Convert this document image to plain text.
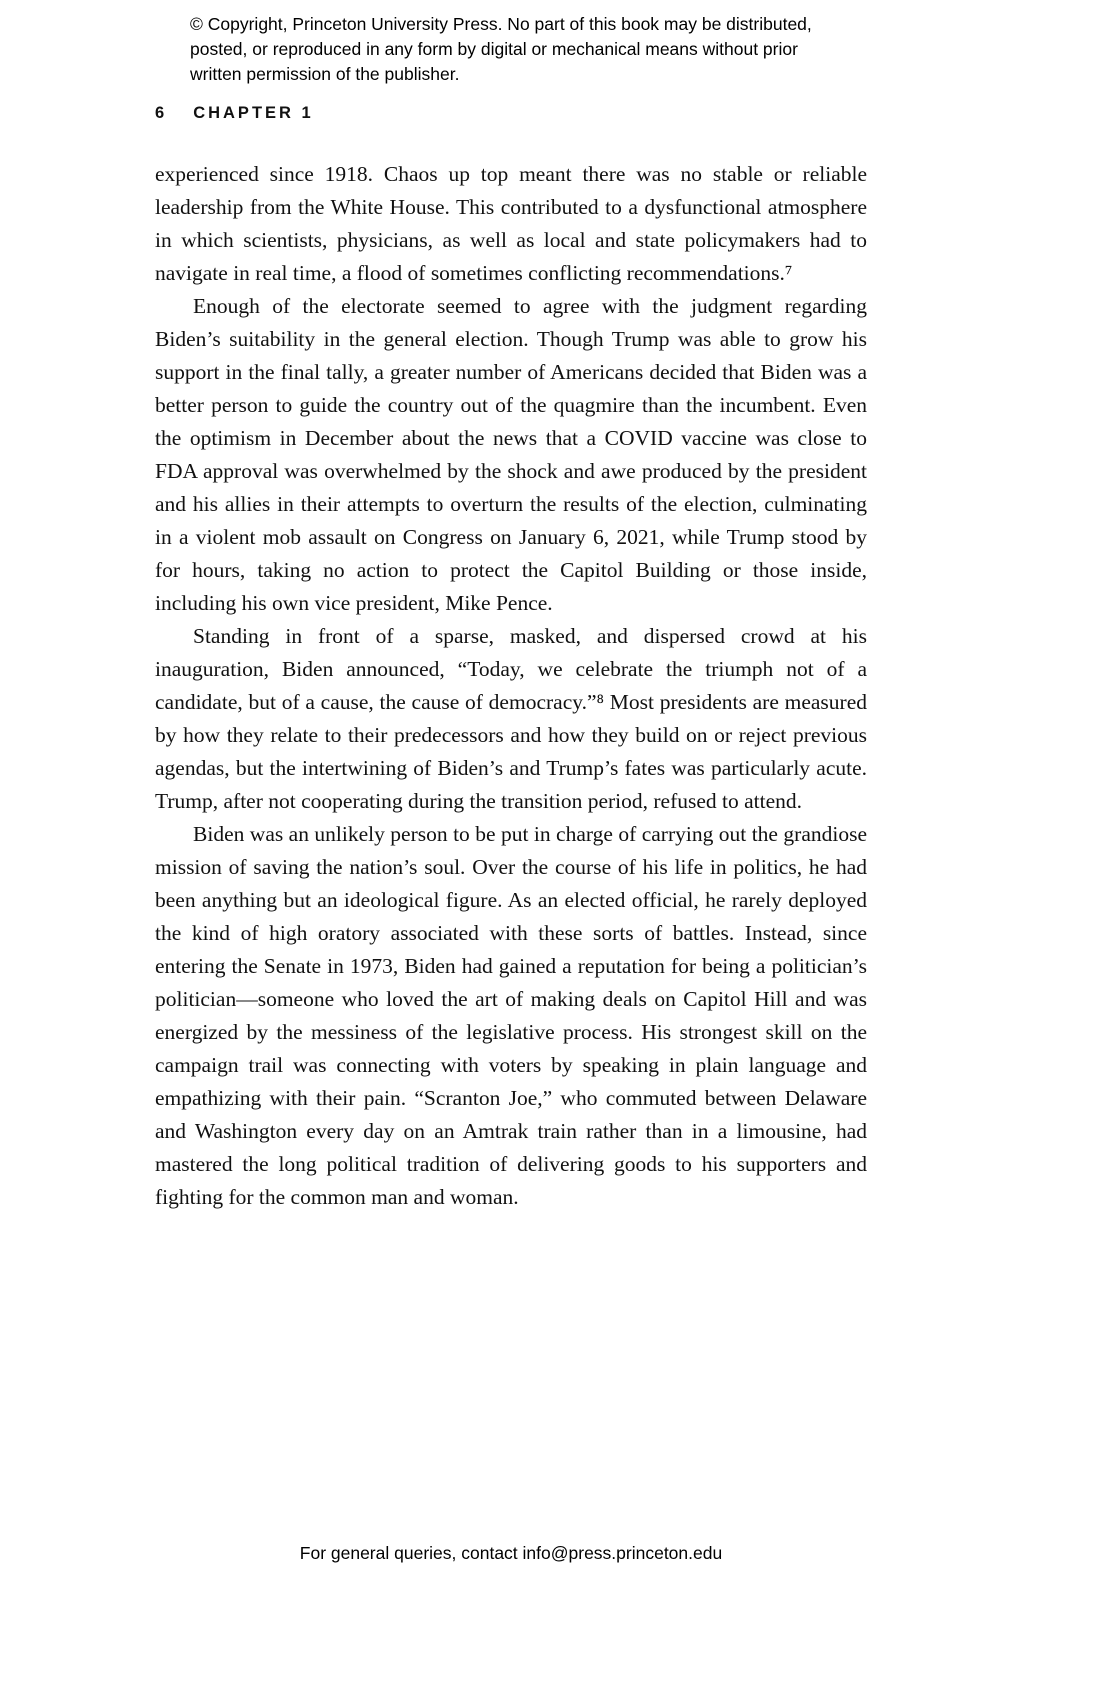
© Copyright, Princeton University Press. No part of this book may be distributed, posted, or reproduced in any form by digital or mechanical means without prior written permission of the publisher.
6 CHAPTER 1

experienced since 1918. Chaos up top meant there was no stable or reliable leadership from the White House. This contributed to a dysfunctional atmosphere in which scientists, physicians, as well as local and state policymakers had to navigate in real time, a flood of sometimes conflicting recommendations.⁷

Enough of the electorate seemed to agree with the judgment regarding Biden’s suitability in the general election. Though Trump was able to grow his support in the final tally, a greater number of Americans decided that Biden was a better person to guide the country out of the quagmire than the incumbent. Even the optimism in December about the news that a COVID vaccine was close to FDA approval was overwhelmed by the shock and awe produced by the president and his allies in their attempts to overturn the results of the election, culminating in a violent mob assault on Congress on January 6, 2021, while Trump stood by for hours, taking no action to protect the Capitol Building or those inside, including his own vice president, Mike Pence.

Standing in front of a sparse, masked, and dispersed crowd at his inauguration, Biden announced, “Today, we celebrate the triumph not of a candidate, but of a cause, the cause of democracy.”⁸ Most presidents are measured by how they relate to their predecessors and how they build on or reject previous agendas, but the intertwining of Biden’s and Trump’s fates was particularly acute. Trump, after not cooperating during the transition period, refused to attend.

Biden was an unlikely person to be put in charge of carrying out the grandiose mission of saving the nation’s soul. Over the course of his life in politics, he had been anything but an ideological figure. As an elected official, he rarely deployed the kind of high oratory associated with these sorts of battles. Instead, since entering the Senate in 1973, Biden had gained a reputation for being a politician’s politician—someone who loved the art of making deals on Capitol Hill and was energized by the messiness of the legislative process. His strongest skill on the campaign trail was connecting with voters by speaking in plain language and empathizing with their pain. “Scranton Joe,” who commuted between Delaware and Washington every day on an Amtrak train rather than in a limousine, had mastered the long political tradition of delivering goods to his supporters and fighting for the common man and woman.

For general queries, contact info@press.princeton.edu
